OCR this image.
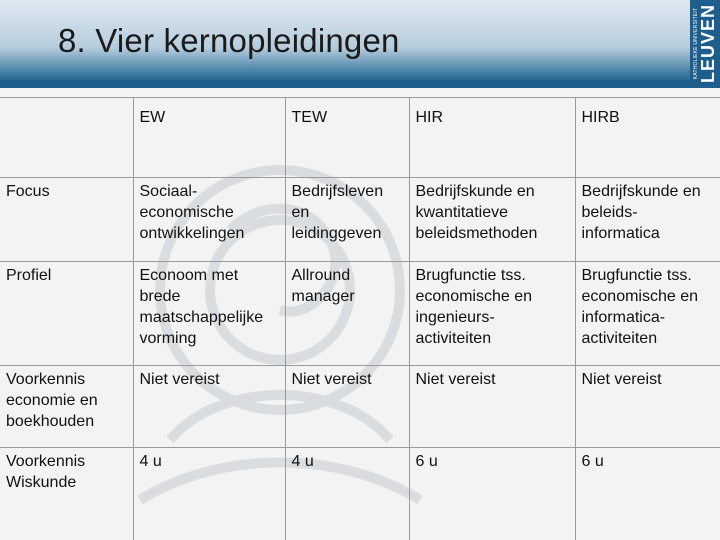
8. Vier kernopleidingen	KATHOLIEKE UNIVERSITEIT LEUVEN
	EW	TEW	HIR	HIRB
Focus	Sociaal-economische ontwikkelingen	Bedrijfsleven en leidinggeven	Bedrijfskunde en kwantitatieve beleidsmethoden	Bedrijfskunde en beleids-informatica
Profiel	Econoom met brede maatschappelijke vorming	Allround manager	Brugfunctie tss. economische en ingenieurs-activiteiten	Brugfunctie tss. economische en informatica-activiteiten
Voorkennis economie en boekhouden	Niet vereist	Niet vereist	Niet vereist	Niet vereist
Voorkennis Wiskunde	4 u	4 u	6 u	6 u
